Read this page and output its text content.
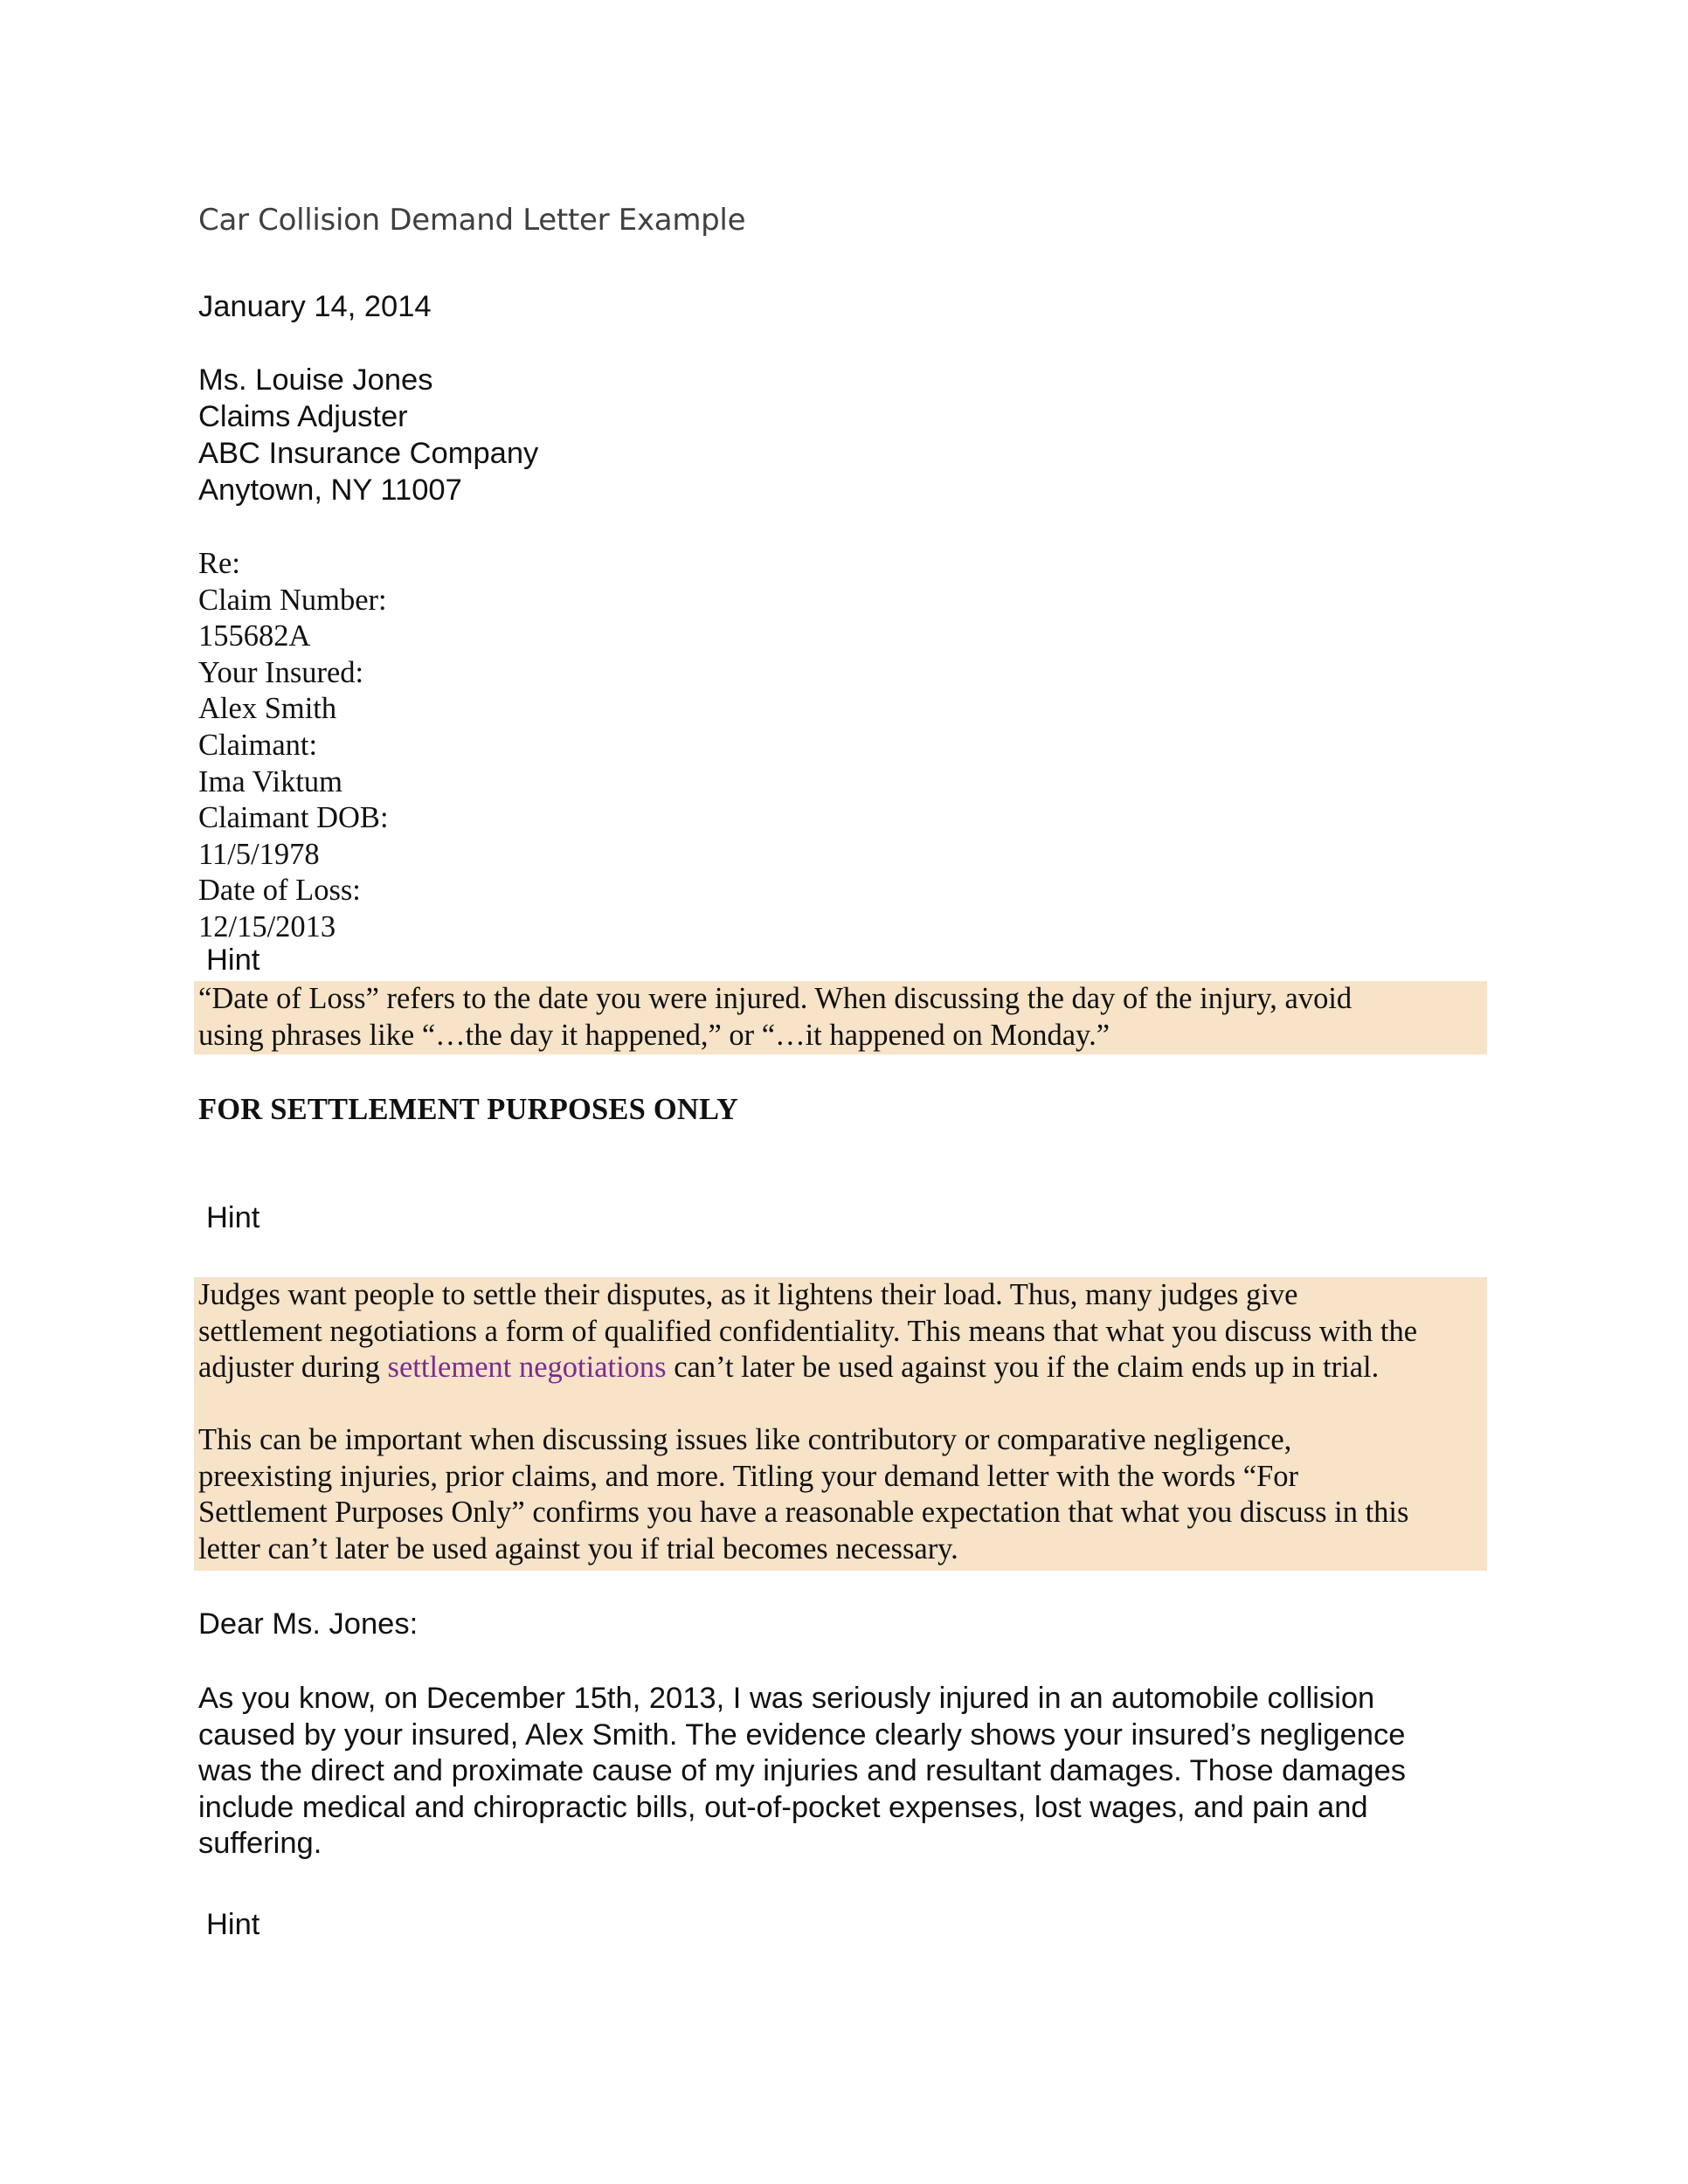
Car Collision Demand Letter Example
January 14, 2014
Ms. Louise Jones
Claims Adjuster
ABC Insurance Company
Anytown, NY 11007
Re:
Claim Number:
155682A
Your Insured:
Alex Smith
Claimant:
Ima Viktum
Claimant DOB:
11/5/1978
Date of Loss:
12/15/2013
Hint
“Date of Loss” refers to the date you were injured. When discussing the day of the injury, avoid
using phrases like “…the day it happened,” or “…it happened on Monday.”
FOR SETTLEMENT PURPOSES ONLY
Hint
Judges want people to settle their disputes, as it lightens their load. Thus, many judges give
settlement negotiations a form of qualified confidentiality. This means that what you discuss with the
adjuster during settlement negotiations can’t later be used against you if the claim ends up in trial.
This can be important when discussing issues like contributory or comparative negligence,
preexisting injuries, prior claims, and more. Titling your demand letter with the words “For
Settlement Purposes Only” confirms you have a reasonable expectation that what you discuss in this
letter can’t later be used against you if trial becomes necessary.
Dear Ms. Jones:
As you know, on December 15th, 2013, I was seriously injured in an automobile collision
caused by your insured, Alex Smith. The evidence clearly shows your insured’s negligence
was the direct and proximate cause of my injuries and resultant damages. Those damages
include medical and chiropractic bills, out-of-pocket expenses, lost wages, and pain and
suffering.
Hint
